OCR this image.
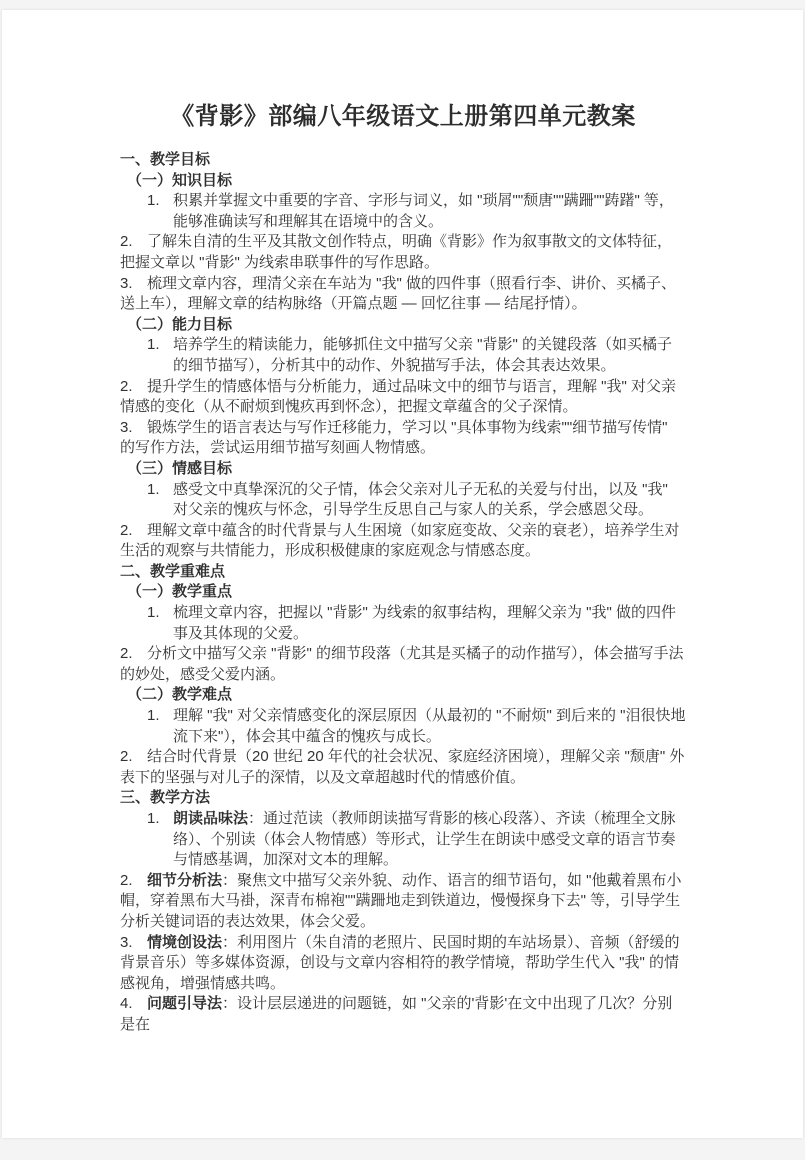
《背影》部编八年级语文上册第四单元教案
一、教学目标
（一）知识目标
1. 积累并掌握文中重要的字音、字形与词义，如 "琐屑""颓唐""蹒跚""踌躇" 等，能够准确读写和理解其在语境中的含义。

2. 了解朱自清的生平及其散文创作特点，明确《背影》作为叙事散文的文体特征，把握文章以 "背影" 为线索串联事件的写作思路。

3. 梳理文章内容，理清父亲在车站为 "我" 做的四件事（照看行李、讲价、买橘子、送上车），理解文章的结构脉络（开篇点题 — 回忆往事 — 结尾抒情）。

（二）能力目标
1. 培养学生的精读能力，能够抓住文中描写父亲 "背影" 的关键段落（如买橘子的细节描写），分析其中的动作、外貌描写手法，体会其表达效果。

2. 提升学生的情感体悟与分析能力，通过品味文中的细节与语言，理解 "我" 对父亲情感的变化（从不耐烦到愧疚再到怀念），把握文章蕴含的父子深情。

3. 锻炼学生的语言表达与写作迁移能力，学习以 "具体事物为线索""细节描写传情" 的写作方法，尝试运用细节描写刻画人物情感。

（三）情感目标
1. 感受文中真挚深沉的父子情，体会父亲对儿子无私的关爱与付出，以及 "我" 对父亲的愧疚与怀念，引导学生反思自己与家人的关系，学会感恩父母。

2. 理解文章中蕴含的时代背景与人生困境（如家庭变故、父亲的衰老），培养学生对生活的观察与共情能力，形成积极健康的家庭观念与情感态度。

二、教学重难点
（一）教学重点
1. 梳理文章内容，把握以 "背影" 为线索的叙事结构，理解父亲为 "我" 做的四件事及其体现的父爱。

2. 分析文中描写父亲 "背影" 的细节段落（尤其是买橘子的动作描写），体会描写手法的妙处，感受父爱内涵。

（二）教学难点
1. 理解 "我" 对父亲情感变化的深层原因（从最初的 "不耐烦" 到后来的 "泪很快地流下来"），体会其中蕴含的愧疚与成长。

2. 结合时代背景（20 世纪 20 年代的社会状况、家庭经济困境），理解父亲 "颓唐" 外表下的坚强与对儿子的深情，以及文章超越时代的情感价值。

三、教学方法
1. 朗读品味法：通过范读（教师朗读描写背影的核心段落）、齐读（梳理全文脉络）、个别读（体会人物情感）等形式，让学生在朗读中感受文章的语言节奏与情感基调，加深对文本的理解。

2. 细节分析法：聚焦文中描写父亲外貌、动作、语言的细节语句，如 "他戴着黑布小帽，穿着黑布大马褂，深青布棉袍""蹒跚地走到铁道边，慢慢探身下去" 等，引导学生分析关键词语的表达效果，体会父爱。

3. 情境创设法：利用图片（朱自清的老照片、民国时期的车站场景）、音频（舒缓的背景音乐）等多媒体资源，创设与文章内容相符的教学情境，帮助学生代入 "我" 的情感视角，增强情感共鸣。

4. 问题引导法：设计层层递进的问题链，如 "父亲的'背影'在文中出现了几次？分别是在
